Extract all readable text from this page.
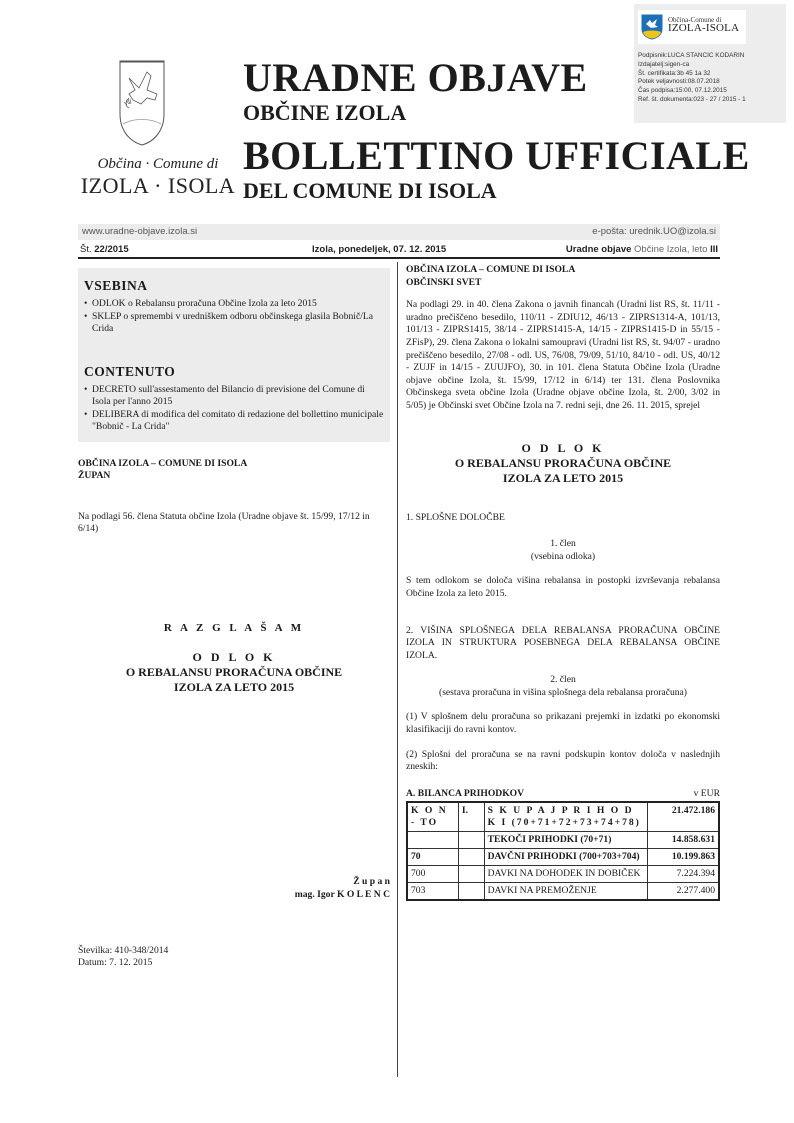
Občina-Comune di
IZOLA-ISOLA
Podpisnik:LUCA STANCIC KODARIN
Izdajatelj:sigen-ca
Št. certifikata:3b 45 1a 32
Potek veljavnosti:08.07.2018
Čas podpisa:15:00, 07.12.2015
Ref. št. dokumenta:023 - 27 / 2015 - 1
Občina · Comune di
IZOLA · ISOLA
URADNE OBJAVE
OBČINE IZOLA
BOLLETTINO UFFICIALE
DEL COMUNE DI ISOLA
www.uradne-objave.izola.si	e-pošta: urednik.UO@izola.si
Št. 22/2015	Izola, ponedeljek, 07. 12. 2015	Uradne objave Občine Izola, leto III
VSEBINA
• ODLOK o Rebalansu proračuna Občine Izola za leto 2015
• SKLEP o spremembi v uredniškem odboru občinskega glasila Bobnič/La Crida
CONTENUTO
• DECRETO sull'assestamento del Bilancio di previsione del Comune di Isola per l'anno 2015
• DELIBERA di modifica del comitato di redazione del bollettino municipale "Bobnič - La Crida"
OBČINA IZOLA – COMUNE DI ISOLA
ŽUPAN
Na podlagi 56. člena Statuta občine Izola (Uradne objave št. 15/99, 17/12 in 6/14)
R A Z G L A Š A M
O D L O K
O REBALANSU PRORAČUNA OBČINE
IZOLA ZA LETO 2015
Ž u p a n
mag. Igor K O L E N C
Številka: 410-348/2014
Datum: 7. 12. 2015
OBČINA IZOLA – COMUNE DI ISOLA
OBČINSKI SVET
Na podlagi 29. in 40. člena Zakona o javnih financah (Uradni list RS, št. 11/11 - uradno prečiščeno besedilo, 110/11 - ZDIU12, 46/13 - ZIPRS1314-A, 101/13, 101/13 - ZIPRS1415, 38/14 - ZIPRS1415-A, 14/15 - ZIPRS1415-D in 55/15 - ZFisP), 29. člena Zakona o lokalni samoupravi (Uradni list RS, št. 94/07 - uradno prečiščeno besedilo, 27/08 - odl. US, 76/08, 79/09, 51/10, 84/10 - odl. US, 40/12 - ZUJF in 14/15 - ZUUJFO), 30. in 101. člena Statuta Občine Izola (Uradne objave občine Izola, št. 15/99, 17/12 in 6/14) ter 131. člena Poslovnika Občinskega sveta občine Izola (Uradne objave občine Izola, št. 2/00, 3/02 in 5/05) je Občinski svet Občine Izola na 7. redni seji, dne 26. 11. 2015, sprejel
O D L O K
O REBALANSU PRORAČUNA OBČINE
IZOLA ZA LETO 2015
1. SPLOŠNE DOLOČBE
1. člen
(vsebina odloka)
S tem odlokom se določa višina rebalansa in postopki izvrševanja rebalansa Občine Izola za leto 2015.
2. VIŠINA SPLOŠNEGA DELA REBALANSA PRORAČUNA OBČINE IZOLA IN STRUKTURA POSEBNEGA DELA REBALANSA OBČINE IZOLA.
2. člen
(sestava proračuna in višina splošnega dela rebalansa proračuna)
(1) V splošnem delu proračuna so prikazani prejemki in izdatki po ekonomski klasifikaciji do ravni kontov.
(2) Splošni del proračuna se na ravni podskupin kontov določa v naslednjih zneskih:
A. BILANCA PRIHODKOV	v EUR
K O N - TO	I.	S K U P A J P R I H O D K I (70+71+72+73+74+78)	21.472.186
		TEKOČI PRIHODKI (70+71)	14.858.631
70		DAVČNI PRIHODKI (700+703+704)	10.199.863
700		DAVKI NA DOHODEK IN DOBIČEK	7.224.394
703		DAVKI NA PREMOŽENJE	2.277.400
